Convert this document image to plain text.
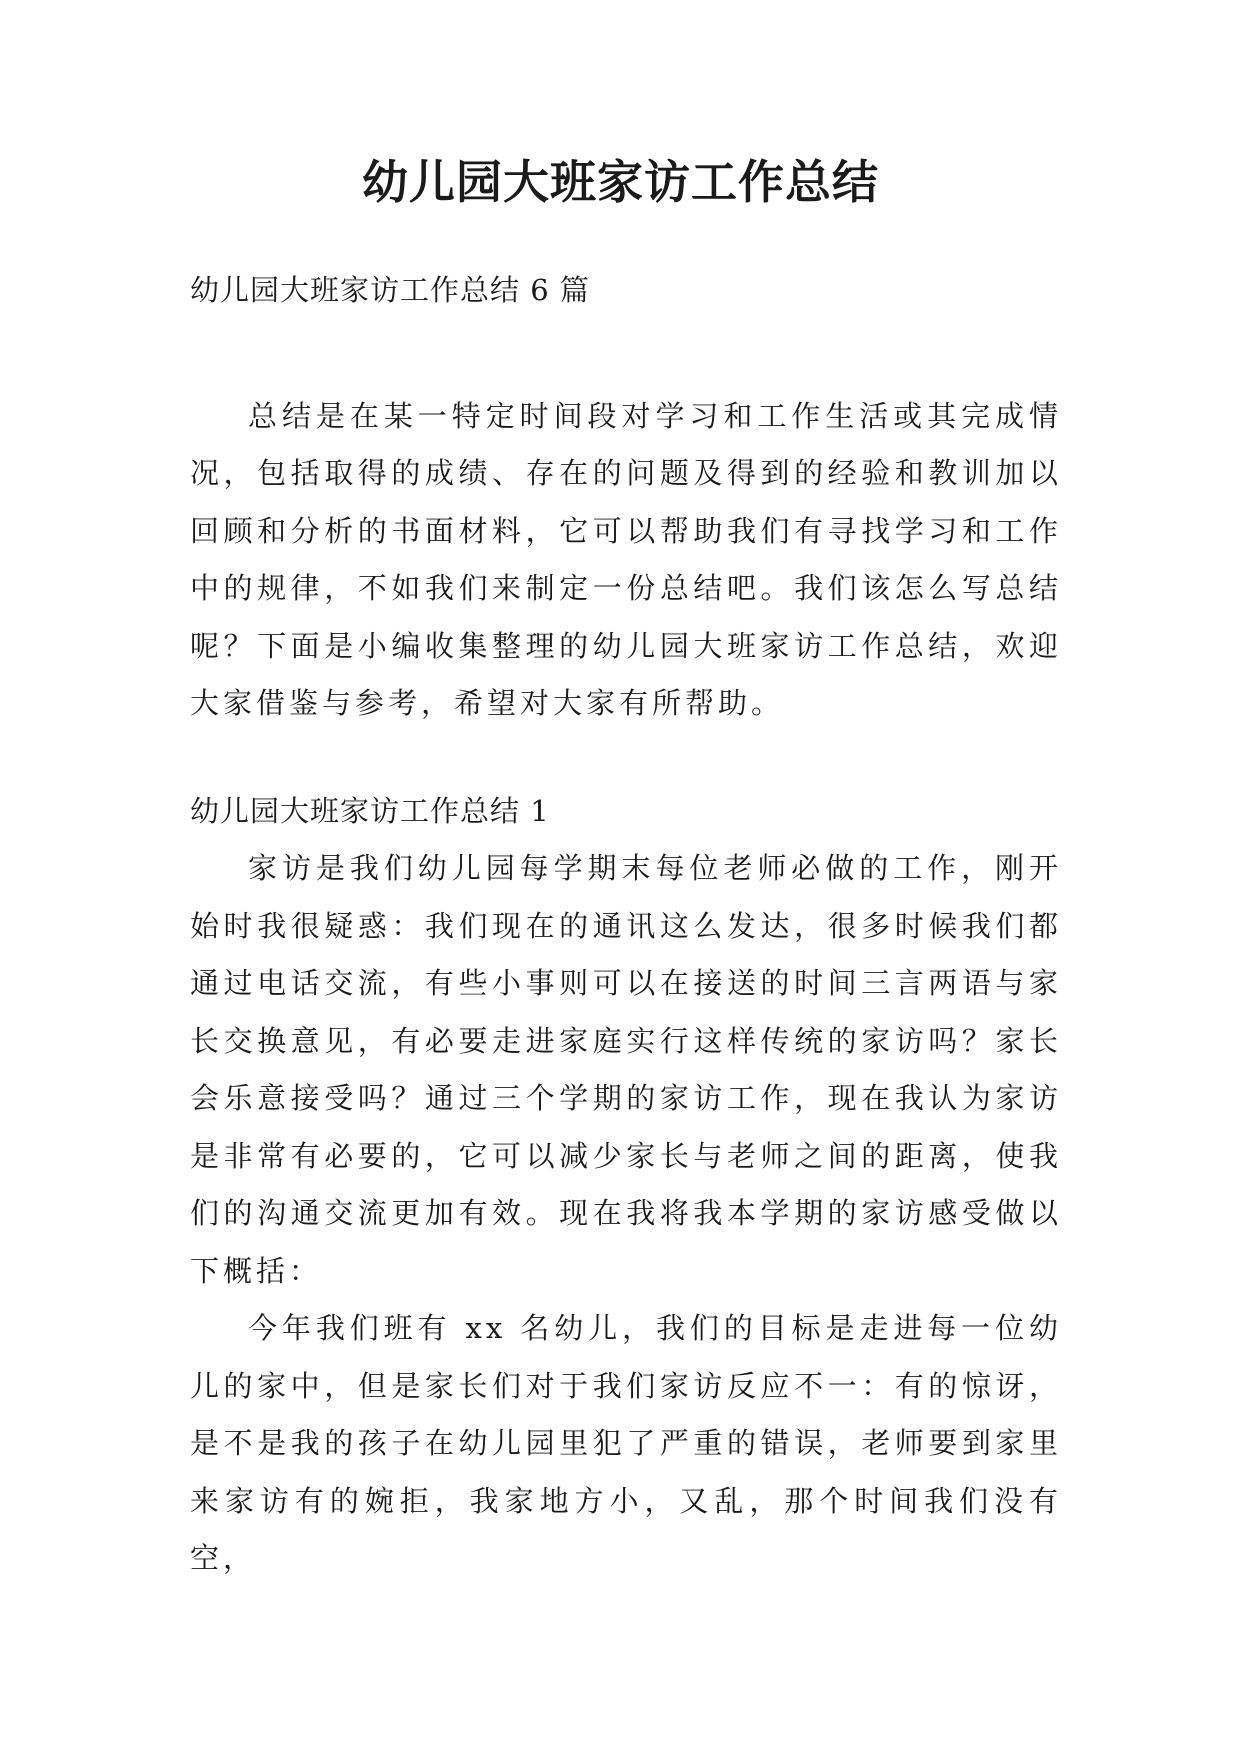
幼儿园大班家访工作总结

幼儿园大班家访工作总结 6 篇

总结是在某一特定时间段对学习和工作生活或其完成情况，包括取得的成绩、存在的问题及得到的经验和教训加以回顾和分析的书面材料，它可以帮助我们有寻找学习和工作中的规律，不如我们来制定一份总结吧。我们该怎么写总结呢？下面是小编收集整理的幼儿园大班家访工作总结，欢迎大家借鉴与参考，希望对大家有所帮助。

幼儿园大班家访工作总结 1

家访是我们幼儿园每学期末每位老师必做的工作，刚开始时我很疑惑：我们现在的通讯这么发达，很多时候我们都通过电话交流，有些小事则可以在接送的时间三言两语与家长交换意见，有必要走进家庭实行这样传统的家访吗？家长会乐意接受吗？通过三个学期的家访工作，现在我认为家访是非常有必要的，它可以减少家长与老师之间的距离，使我们的沟通交流更加有效。现在我将我本学期的家访感受做以下概括：

今年我们班有 xx 名幼儿，我们的目标是走进每一位幼儿的家中，但是家长们对于我们家访反应不一：有的惊讶，是不是我的孩子在幼儿园里犯了严重的错误，老师要到家里来家访有的婉拒，我家地方小，又乱，那个时间我们没有空，
